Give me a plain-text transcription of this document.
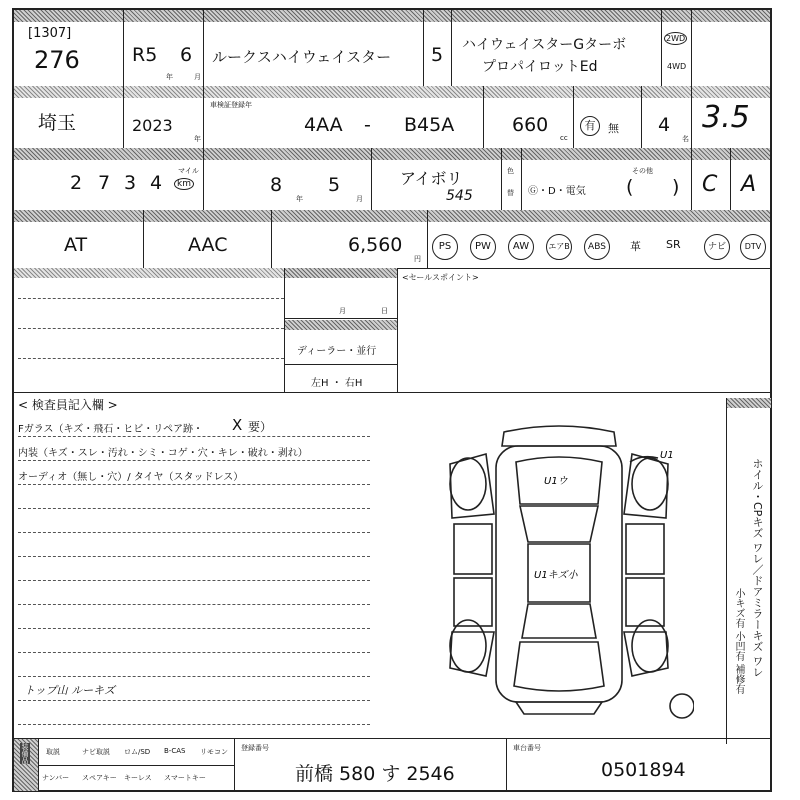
[1307]
276	R5 6
年	月
ルークスハイウェイスター 5 ハイウェイスターGターボ
プロパイロットEd
2WD
4WD
埼玉	2023
年
車検証登録年
4AA - B45A	660
cc
有	無 4
名
3.5
2 7 3 4
マイル
km	8
年
5
月
アイボリ
545
色
替 Ⓖ・D・電気
その他
( ) C A
AT	AAC	6,560
円
PS	PW	AW	エアB	ABS	革 SR	ナビ	DTV
月	日
ディーラー・並行
左H ・ 右H
<セールスポイント>
< 検査員記入欄 >
Fガラス（キズ・飛石・ヒビ・リペア跡・ X 要）
内装（キズ・スレ・汚れ・シミ・コゲ・穴・キレ・破れ・剥れ）
オーディオ（無し・穴）/ タイヤ（スタッドレス）
トップ山 ルーキズ
U1
U1ウ
U1キズ小	ホイル・CPキズ ワレ／ドアミラーキズ ワレ
小キズ有 小凹有 補修有
装備品 取説	ナビ取説 ロム/SD B-CAS リモコン
ナンバー スペアキー キーレス スマートキー
登録番号
前橋 580 す 2546
車台番号
0501894
